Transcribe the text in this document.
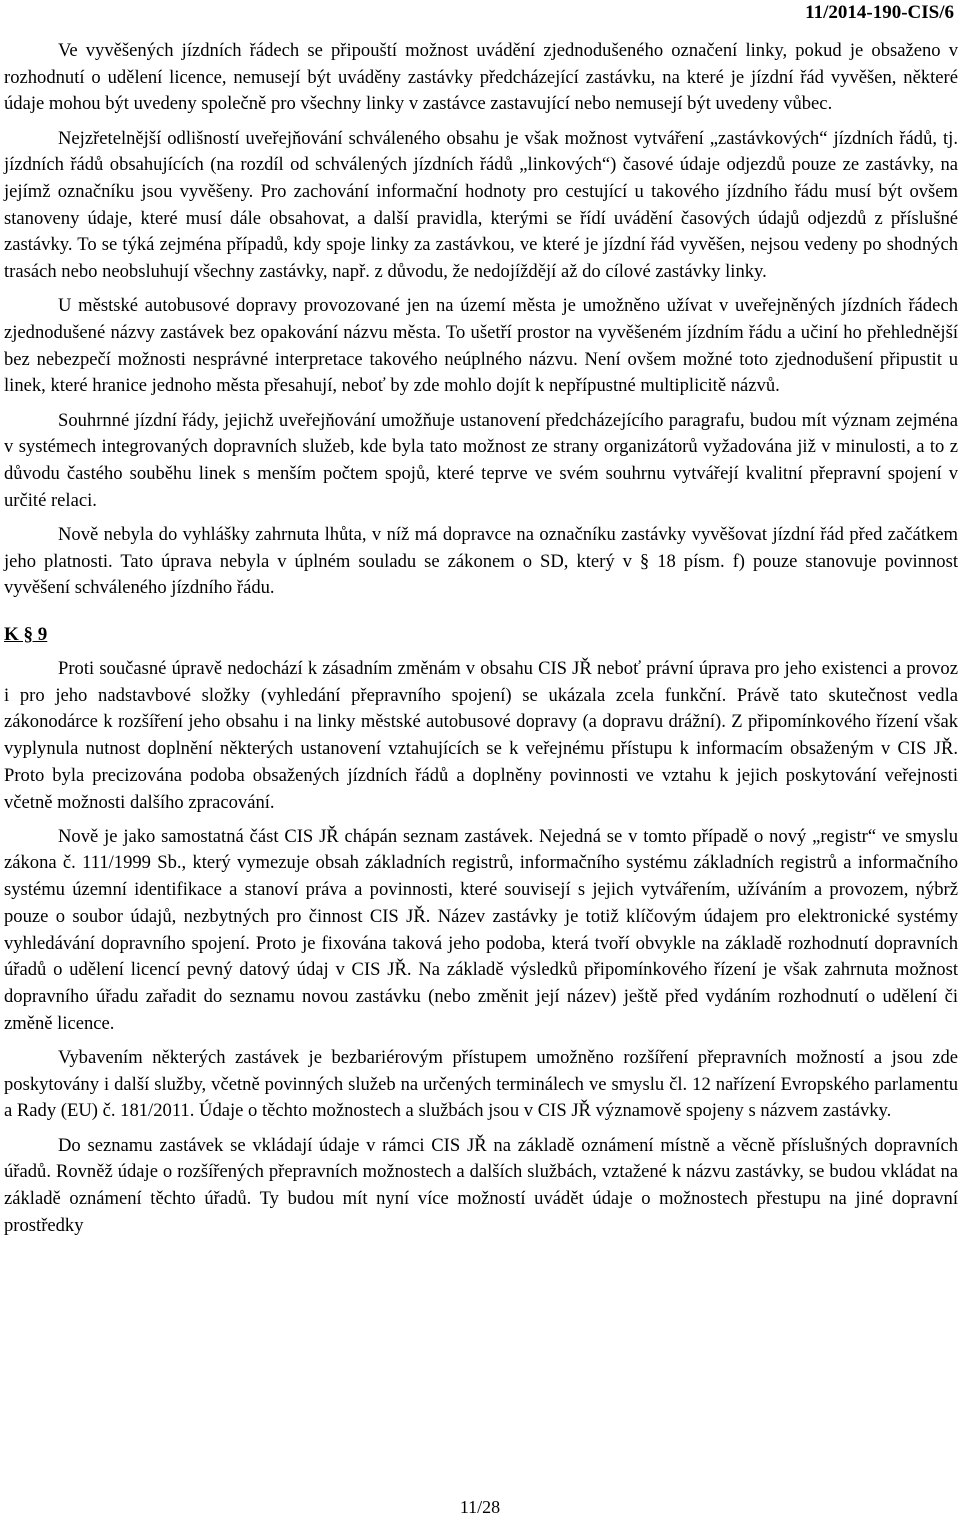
11/2014-190-CIS/6

Ve vyvěšených jízdních řádech se připouští možnost uvádění zjednodušeného označení linky, pokud je obsaženo v rozhodnutí o udělení licence, nemusejí být uváděny zastávky předcházející zastávku, na které je jízdní řád vyvěšen, některé údaje mohou být uvedeny společně pro všechny linky v zastávce zastavující nebo nemusejí být uvedeny vůbec.

Nejzřetelnější odlišností uveřejňování schváleného obsahu je však možnost vytváření „zastávkových“ jízdních řádů, tj. jízdních řádů obsahujících (na rozdíl od schválených jízdních řádů „linkových“) časové údaje odjezdů pouze ze zastávky, na jejímž označníku jsou vyvěšeny. Pro zachování informační hodnoty pro cestující u takového jízdního řádu musí být ovšem stanoveny údaje, které musí dále obsahovat, a další pravidla, kterými se řídí uvádění časových údajů odjezdů z příslušné zastávky. To se týká zejména případů, kdy spoje linky za zastávkou, ve které je jízdní řád vyvěšen, nejsou vedeny po shodných trasách nebo neobsluhují všechny zastávky, např. z důvodu, že nedojíždějí až do cílové zastávky linky.

U městské autobusové dopravy provozované jen na území města je umožněno užívat v uveřejněných jízdních řádech zjednodušené názvy zastávek bez opakování názvu města. To ušetří prostor na vyvěšeném jízdním řádu a učiní ho přehlednější bez nebezpečí možnosti nesprávné interpretace takového neúplného názvu. Není ovšem možné toto zjednodušení připustit u linek, které hranice jednoho města přesahují, neboť by zde mohlo dojít k nepřípustné multiplicitě názvů.

Souhrnné jízdní řády, jejichž uveřejňování umožňuje ustanovení předcházejícího paragrafu, budou mít význam zejména v systémech integrovaných dopravních služeb, kde byla tato možnost ze strany organizátorů vyžadována již v minulosti, a to z důvodu častého souběhu linek s menším počtem spojů, které teprve ve svém souhrnu vytvářejí kvalitní přepravní spojení v určité relaci.

Nově nebyla do vyhlášky zahrnuta lhůta, v níž má dopravce na označníku zastávky vyvěšovat jízdní řád před začátkem jeho platnosti. Tato úprava nebyla v úplném souladu se zákonem o SD, který v § 18 písm. f) pouze stanovuje povinnost vyvěšení schváleného jízdního řádu.

K § 9

Proti současné úpravě nedochází k zásadním změnám v obsahu CIS JŘ neboť právní úprava pro jeho existenci a provoz i pro jeho nadstavbové složky (vyhledání přepravního spojení) se ukázala zcela funkční. Právě tato skutečnost vedla zákonodárce k rozšíření jeho obsahu i na linky městské autobusové dopravy (a dopravu drážní). Z připomínkového řízení však vyplynula nutnost doplnění některých ustanovení vztahujících se k veřejnému přístupu k informacím obsaženým v CIS JŘ. Proto byla precizována podoba obsažených jízdních řádů a doplněny povinnosti ve vztahu k jejich poskytování veřejnosti včetně možnosti dalšího zpracování.

Nově je jako samostatná část CIS JŘ chápán seznam zastávek. Nejedná se v tomto případě o nový „registr“ ve smyslu zákona č. 111/1999 Sb., který vymezuje obsah základních registrů, informačního systému základních registrů a informačního systému územní identifikace a stanoví práva a povinnosti, které souvisejí s jejich vytvářením, užíváním a provozem, nýbrž pouze o soubor údajů, nezbytných pro činnost CIS JŘ. Název zastávky je totiž klíčovým údajem pro elektronické systémy vyhledávání dopravního spojení. Proto je fixována taková jeho podoba, která tvoří obvykle na základě rozhodnutí dopravních úřadů o udělení licencí pevný datový údaj v CIS JŘ. Na základě výsledků připomínkového řízení je však zahrnuta možnost dopravního úřadu zařadit do seznamu novou zastávku (nebo změnit její název) ještě před vydáním rozhodnutí o udělení či změně licence.

Vybavením některých zastávek je bezbariérovým přístupem umožněno rozšíření přepravních možností a jsou zde poskytovány i další služby, včetně povinných služeb na určených terminálech ve smyslu čl. 12 nařízení Evropského parlamentu a Rady (EU) č. 181/2011. Údaje o těchto možnostech a službách jsou v CIS JŘ významově spojeny s názvem zastávky.

Do seznamu zastávek se vkládají údaje v rámci CIS JŘ na základě oznámení místně a věcně příslušných dopravních úřadů. Rovněž údaje o rozšířených přepravních možnostech a dalších službách, vztažené k názvu zastávky, se budou vkládat na základě oznámení těchto úřadů. Ty budou mít nyní více možností uvádět údaje o možnostech přestupu na jiné dopravní prostředky

11/28
